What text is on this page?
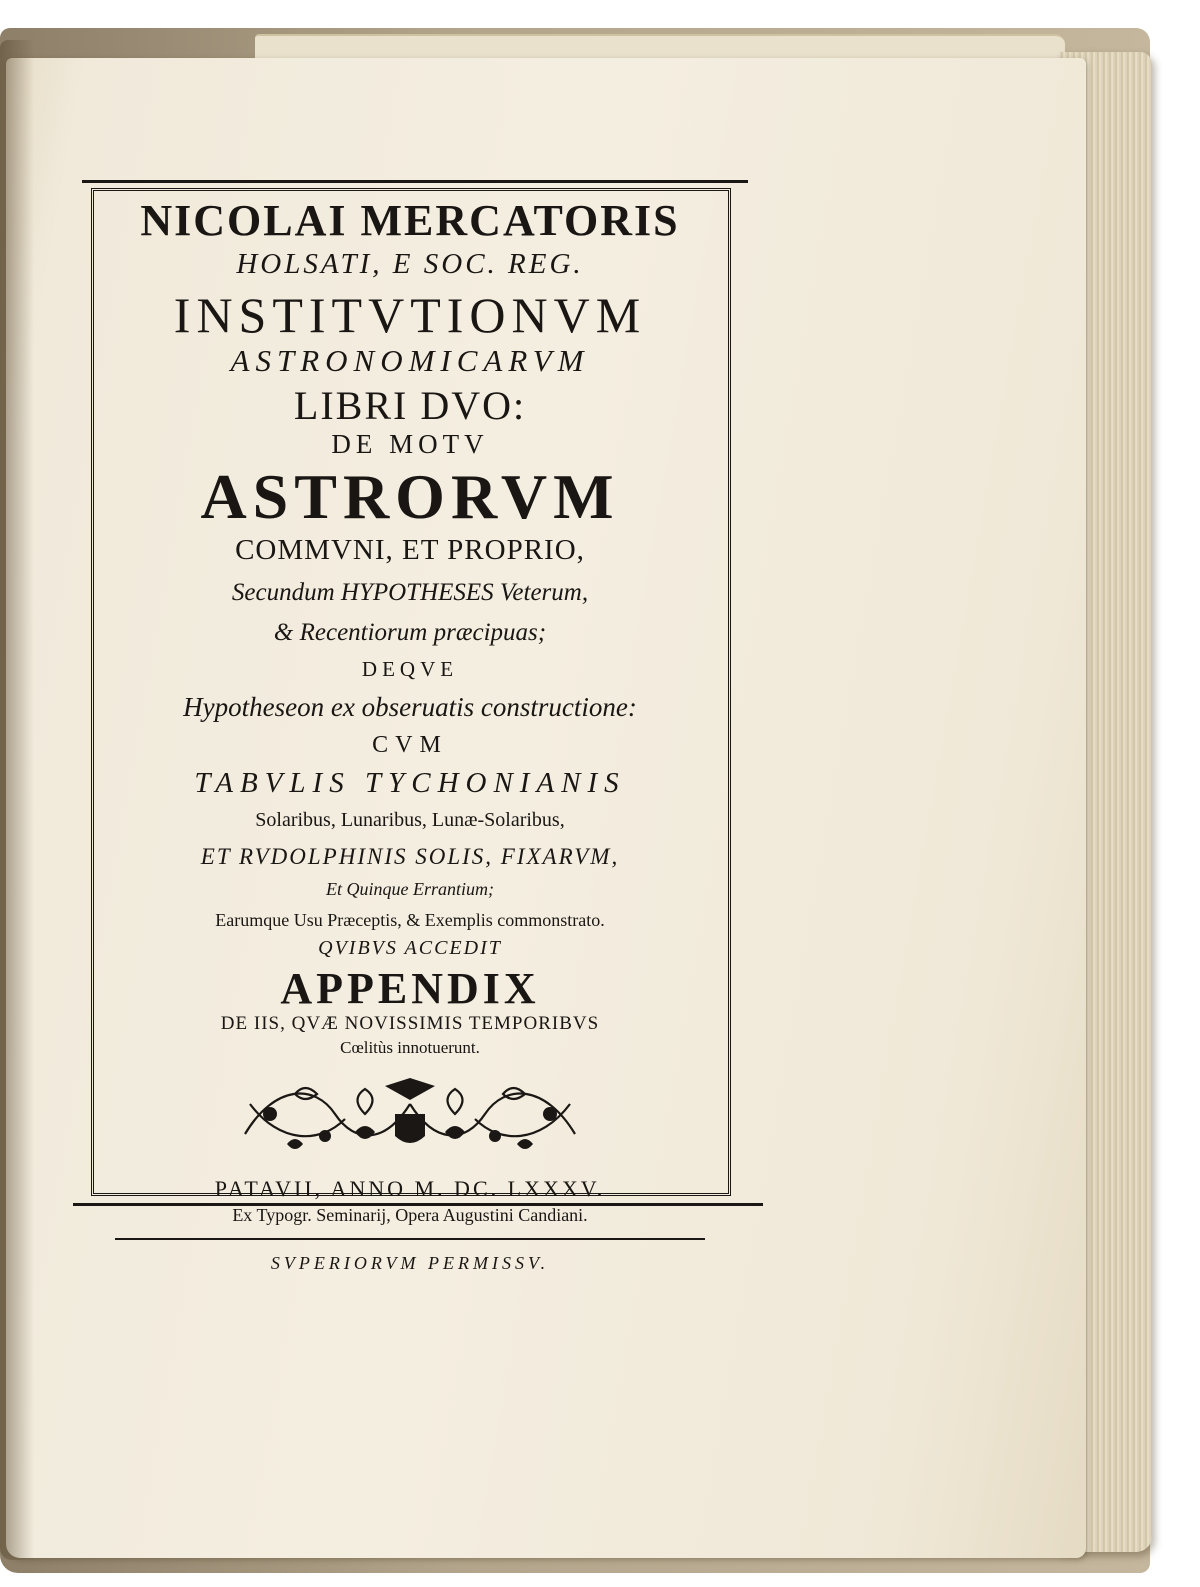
NICOLAI MERCATORIS
HOLSATI, E SOC. REG.
INSTITVTIONVM
ASTRONOMICARVM
LIBRI DVO:
DE MOTV
ASTRORVM
COMMVNI, ET PROPRIO,
Secundum HYPOTHESES Veterum,
& Recentiorum præcipuas;
DEQVE
Hypotheseon ex obseruatis constructione:
CVM
TABVLIS TYCHONIANIS
Solaribus, Lunaribus, Lunæ-Solaribus,
ET RVDOLPHINIS SOLIS, FIXARVM,
Et Quinque Errantium;
Earumque Usu Præceptis, & Exemplis commonstrato.
QVIBVS ACCEDIT
APPENDIX
DE IIS, QVÆ NOVISSIMIS TEMPORIBVS
Cœlitùs innotuerunt.
PATAVII, ANNO M. DC. LXXXV.
Ex Typogr. Seminarij, Opera Augustini Candiani.
SVPERIORVM PERMISSV.
